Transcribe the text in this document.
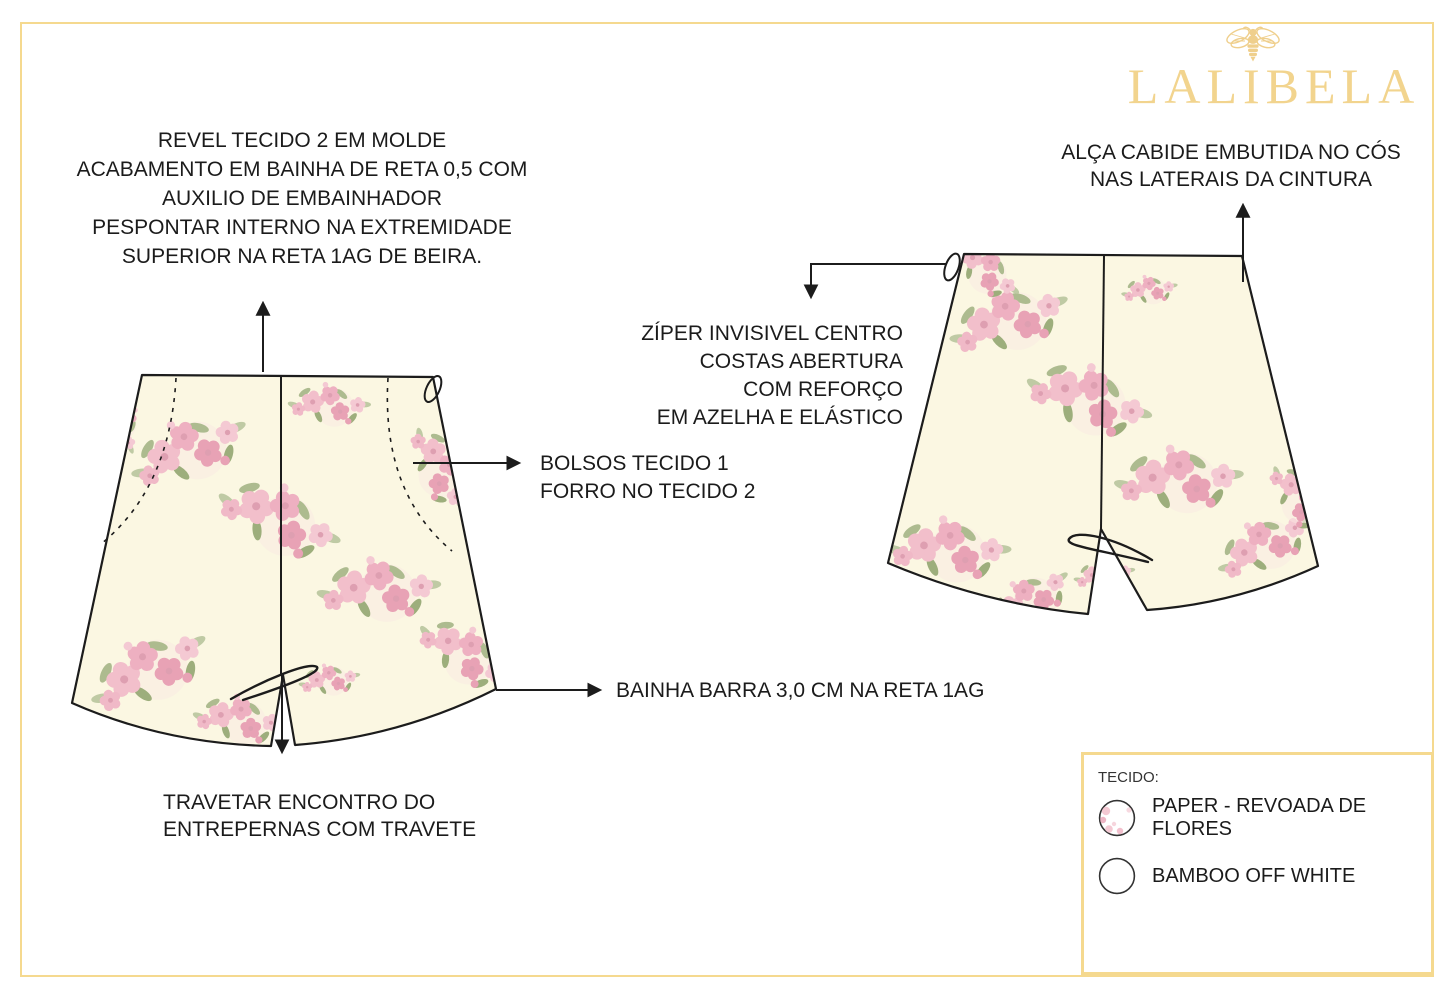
LALIBELA
REVEL TECIDO 2 EM MOLDE
ACABAMENTO EM BAINHA DE RETA 0,5 COM
AUXILIO DE EMBAINHADOR
PESPONTAR INTERNO NA EXTREMIDADE
SUPERIOR NA RETA 1AG DE BEIRA.
ALÇA CABIDE EMBUTIDA NO CÓS
NAS LATERAIS DA CINTURA
ZÍPER INVISIVEL CENTRO
COSTAS ABERTURA
COM REFORÇO
EM AZELHA E ELÁSTICO
BOLSOS TECIDO 1
FORRO NO TECIDO 2
BAINHA BARRA 3,0 CM NA RETA 1AG
TRAVETAR ENCONTRO DO
ENTREPERNAS COM TRAVETE
TECIDO:
PAPER - REVOADA DE FLORES
BAMBOO OFF WHITE
